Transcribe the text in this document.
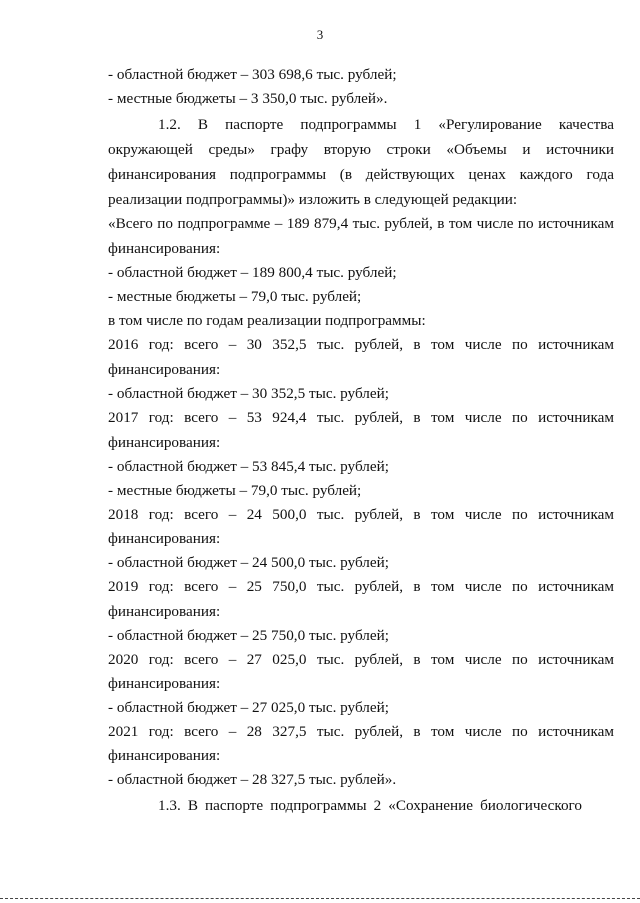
3
- областной бюджет – 303 698,6 тыс. рублей;
- местные бюджеты – 3 350,0 тыс. рублей».
1.2. В паспорте подпрограммы 1 «Регулирование качества
окружающей среды» графу вторую строки «Объемы и источники
финансирования подпрограммы (в действующих ценах каждого года
реализации подпрограммы)» изложить в следующей редакции:
«Всего по подпрограмме – 189 879,4 тыс. рублей, в том числе по источникам
финансирования:
- областной бюджет – 189 800,4 тыс. рублей;
- местные бюджеты – 79,0 тыс. рублей;
в том числе по годам реализации подпрограммы:
2016 год: всего – 30 352,5 тыс. рублей, в том числе по источникам
финансирования:
- областной бюджет – 30 352,5 тыс. рублей;
2017 год: всего – 53 924,4 тыс. рублей, в том числе по источникам
финансирования:
- областной бюджет – 53 845,4 тыс. рублей;
- местные бюджеты – 79,0 тыс. рублей;
2018 год: всего – 24 500,0 тыс. рублей, в том числе по источникам
финансирования:
- областной бюджет – 24 500,0 тыс. рублей;
2019 год: всего – 25 750,0 тыс. рублей, в том числе по источникам
финансирования:
- областной бюджет – 25 750,0 тыс. рублей;
2020 год: всего – 27 025,0 тыс. рублей, в том числе по источникам
финансирования:
- областной бюджет – 27 025,0 тыс. рублей;
2021 год: всего – 28 327,5 тыс. рублей, в том числе по источникам
финансирования:
- областной бюджет – 28 327,5 тыс. рублей».
1.3. В паспорте подпрограммы 2 «Сохранение биологического
